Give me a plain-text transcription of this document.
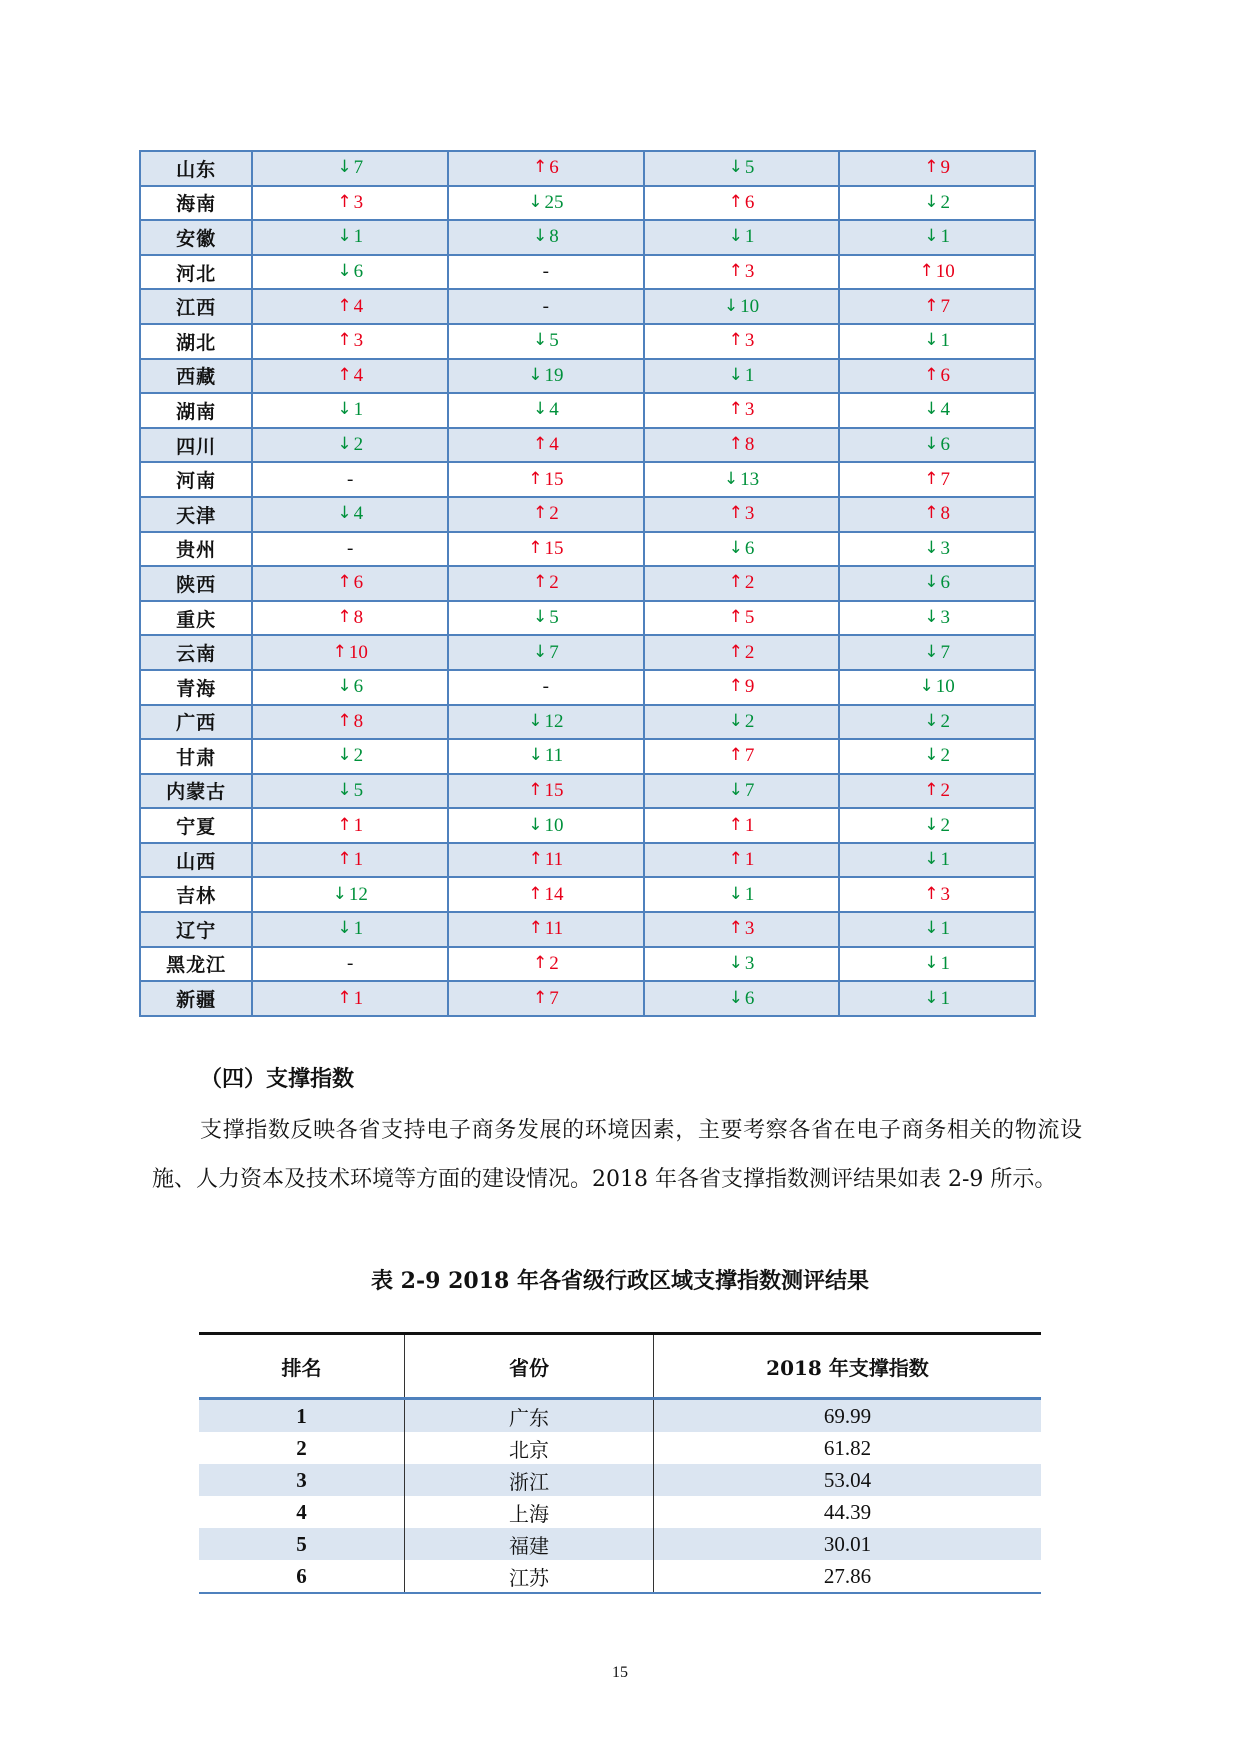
山东	↓ 7	↑ 6	↓ 5	↑ 9
海南	↑ 3	↓ 25	↑ 6	↓ 2
安徽	↓ 1	↓ 8	↓ 1	↓ 1
河北	↓ 6	-	↑ 3	↑ 10
江西	↑ 4	-	↓ 10	↑ 7
湖北	↑ 3	↓ 5	↑ 3	↓ 1
西藏	↑ 4	↓ 19	↓ 1	↑ 6
湖南	↓ 1	↓ 4	↑ 3	↓ 4
四川	↓ 2	↑ 4	↑ 8	↓ 6
河南	-	↑ 15	↓ 13	↑ 7
天津	↓ 4	↑ 2	↑ 3	↑ 8
贵州	-	↑ 15	↓ 6	↓ 3
陕西	↑ 6	↑ 2	↑ 2	↓ 6
重庆	↑ 8	↓ 5	↑ 5	↓ 3
云南	↑ 10	↓ 7	↑ 2	↓ 7
青海	↓ 6	-	↑ 9	↓ 10
广西	↑ 8	↓ 12	↓ 2	↓ 2
甘肃	↓ 2	↓ 11	↑ 7	↓ 2
内蒙古	↓ 5	↑ 15	↓ 7	↑ 2
宁夏	↑ 1	↓ 10	↑ 1	↓ 2
山西	↑ 1	↑ 11	↑ 1	↓ 1
吉林	↓ 12	↑ 14	↓ 1	↑ 3
辽宁	↓ 1	↑ 11	↑ 3	↓ 1
黑龙江	-	↑ 2	↓ 3	↓ 1
新疆	↑ 1	↑ 7	↓ 6	↓ 1

（四）支撑指数

支撑指数反映各省支持电子商务发展的环境因素，主要考察各省在电子商务相关的物流设施、人力资本及技术环境等方面的建设情况。2018 年各省支撑指数测评结果如表 2-9 所示。

表 2-9 2018 年各省级行政区域支撑指数测评结果

排名	省份	2018 年支撑指数
1	广东	69.99
2	北京	61.82
3	浙江	53.04
4	上海	44.39
5	福建	30.01
6	江苏	27.86
15
